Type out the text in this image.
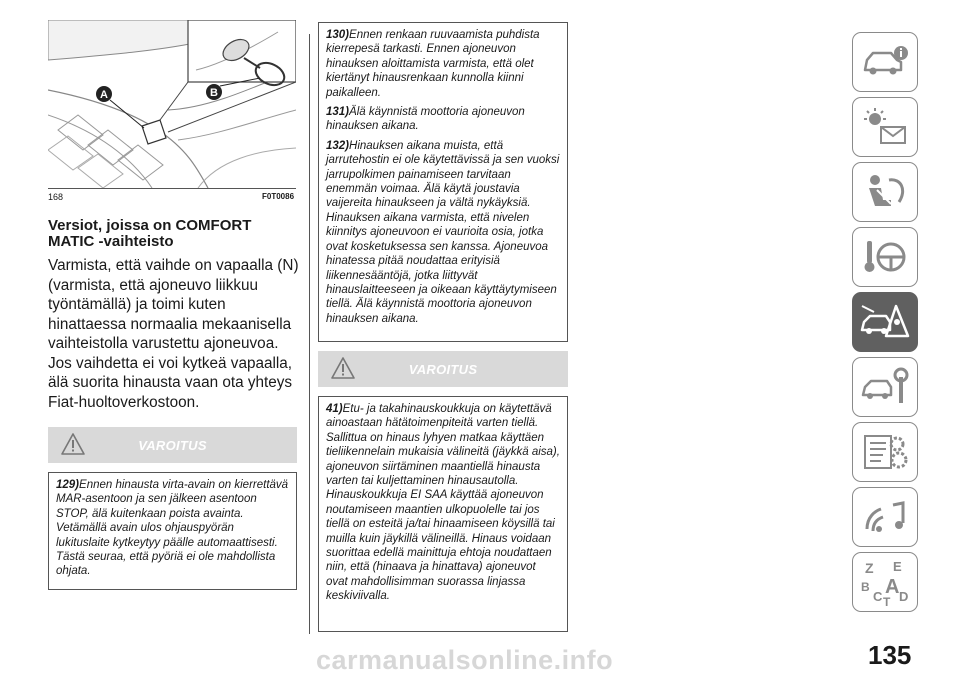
A	B
168	F0T0086
Versiot, joissa on COMFORT MATIC -vaihteisto

Varmista, että vaihde on vapaalla (N) (varmista, että ajoneuvo liikkuu työntämällä) ja toimi kuten hinattaessa normaalia mekaanisella vaihteistolla varustettu ajoneuvoa.

Jos vaihdetta ei voi kytkeä vapaalla, älä suorita hinausta vaan ota yhteys Fiat-huoltoverkostoon.

VAROITUS

129)Ennen hinausta virta-avain on kierrettävä MAR-asentoon ja sen jälkeen asentoon STOP, älä kuitenkaan poista avainta. Vetämällä avain ulos ohjauspyörän lukituslaite kytkeytyy päälle automaattisesti. Tästä seuraa, että pyöriä ei ole mahdollista ohjata.

130)Ennen renkaan ruuvaamista puhdista kierrepesä tarkasti. Ennen ajoneuvon hinauksen aloittamista varmista, että olet kiertänyt hinausrenkaan kunnolla kiinni paikalleen.

131)Älä käynnistä moottoria ajoneuvon hinauksen aikana.

132)Hinauksen aikana muista, että jarrutehostin ei ole käytettävissä ja sen vuoksi jarrupolkimen painamiseen tarvitaan enemmän voimaa. Älä käytä joustavia vaijereita hinaukseen ja vältä nykäyksiä. Hinauksen aikana varmista, että nivelen kiinnitys ajoneuvoon ei vaurioita osia, jotka ovat kosketuksessa sen kanssa. Ajoneuvoa hinatessa pitää noudattaa erityisiä liikennesääntöjä, jotka liittyvät hinauslaitteeseen ja oikeaan käyttäytymiseen tiellä. Älä käynnistä moottoria ajoneuvon hinauksen aikana.

VAROITUS

41)Etu- ja takahinauskoukkuja on käytettävä ainoastaan hätätoimenpiteitä varten tiellä. Sallittua on hinaus lyhyen matkaa käyttäen tieliikennelain mukaisia välineitä (jäykkä aisa), ajoneuvon siirtäminen maantiellä hinausta varten tai kuljettaminen hinausautolla. Hinauskoukkuja EI SAA käyttää ajoneuvon noutamiseen maantien ulkopuolelle tai jos tiellä on esteitä ja/tai hinaamiseen köysillä tai muilla kuin jäykillä välineillä. Hinaus voidaan suorittaa edellä mainittuja ehtoja noudattaen niin, että (hinaava ja hinattava) ajoneuvot ovat mahdollisimman suorassa linjassa keskiviivalla.

Z E
B A
C T D
135
carmanualsonline.info
